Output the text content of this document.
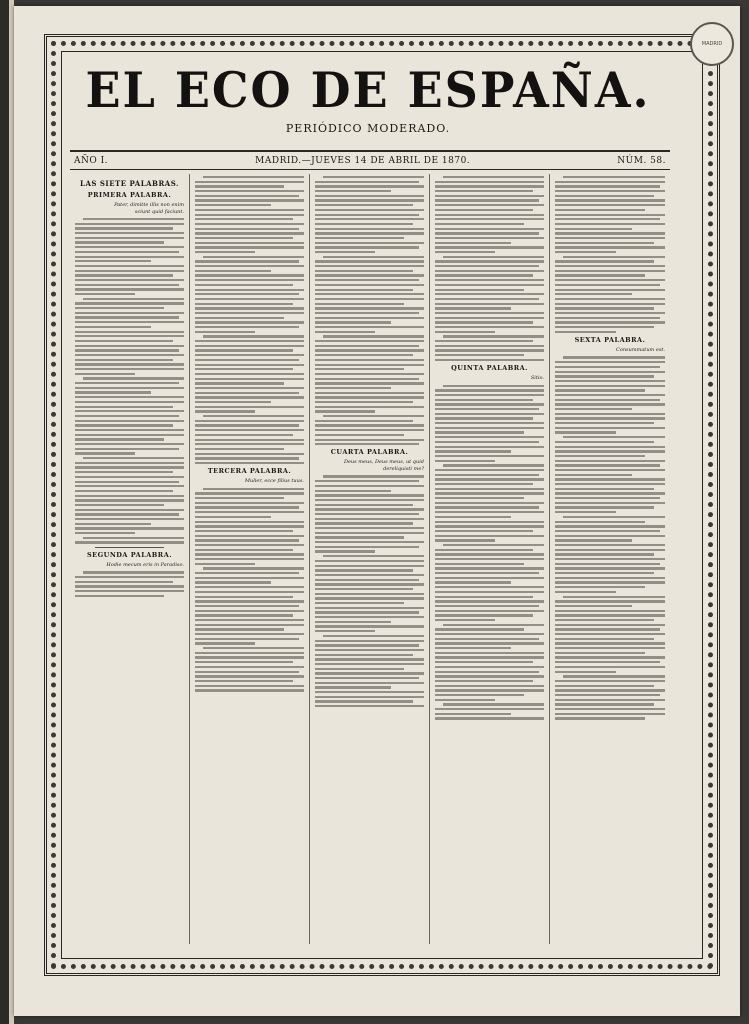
MADRID
EL ECO DE ESPAÑA.
PERIÓDICO MODERADO.
AÑO I.	MADRID.—JUEVES 14 DE ABRIL DE 1870.	NÚM. 58.
LAS SIETE PALABRAS.
PRIMERA PALABRA.
Pater, dimitte illis non enim sciunt quid faciunt.
SEGUNDA PALABRA.
Hodie mecum eris in Paradiso.
TERCERA PALABRA.
Mulier, ecce filius tuus.
CUARTA PALABRA.
Deus meus, Deus meus, ut quid dereliquisti me?
QUINTA PALABRA.
Sitio.
SEXTA PALABRA.
Consummatum est.
